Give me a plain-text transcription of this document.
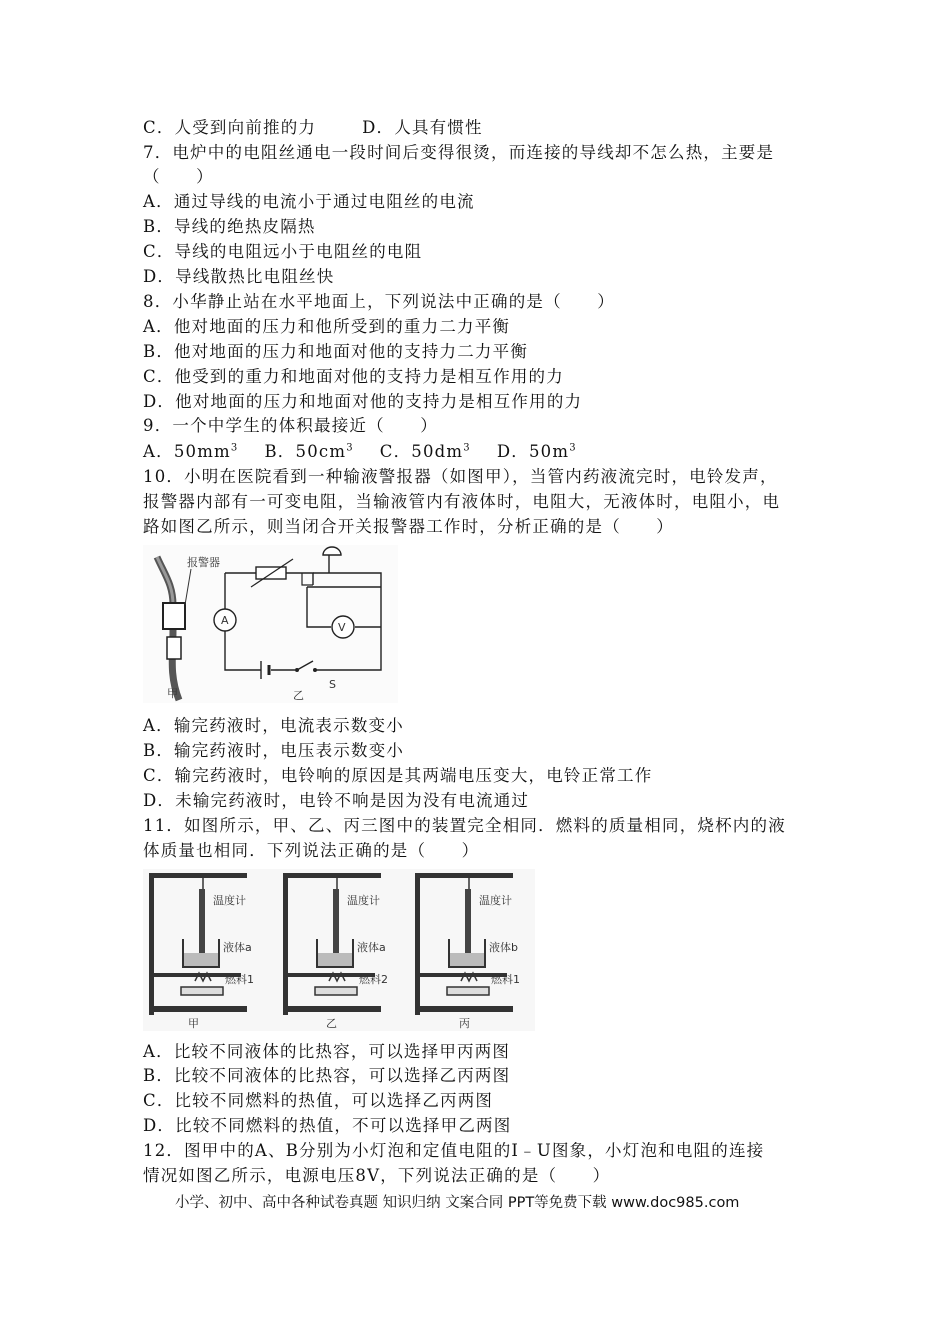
C．人受到向前推的力	D．人具有惯性
7．电炉中的电阻丝通电一段时间后变得很烫，而连接的导线却不怎么热，主要是
（　　）
A．通过导线的电流小于通过电阻丝的电流
B．导线的绝热皮隔热
C．导线的电阻远小于电阻丝的电阻
D．导线散热比电阻丝快
8．小华静止站在水平地面上，下列说法中正确的是（　　）
A．他对地面的压力和他所受到的重力二力平衡
B．他对地面的压力和地面对他的支持力二力平衡
C．他受到的重力和地面对他的支持力是相互作用的力
D．他对地面的压力和地面对他的支持力是相互作用的力
9．一个中学生的体积最接近（　　）
A．$50mm^3$ B．$50cm^3$ C．$50dm^3$ D．$50m^3$
10．小明在医院看到一种输液警报器（如图甲），当管内药液流完时，电铃发声，
报警器内部有一可变电阻，当输液管内有液体时，电阻大，无液体时，电阻小，电
路如图乙所示，则当闭合开关报警器工作时，分析正确的是（　　）
报警器
甲
V
A
S
乙
A．输完药液时，电流表示数变小
B．输完药液时，电压表示数变小
C．输完药液时，电铃响的原因是其两端电压变大，电铃正常工作
D．未输完药液时，电铃不响是因为没有电流通过
11．如图所示，甲、乙、丙三图中的装置完全相同．燃料的质量相同，烧杯内的液
体质量也相同．下列说法正确的是（　　）
温度计
液体a
燃料1
甲
温度计
液体a
燃料2
乙
温度计
液体b
燃料1
丙
A．比较不同液体的比热容，可以选择甲丙两图
B．比较不同液体的比热容，可以选择乙丙两图
C．比较不同燃料的热值，可以选择乙丙两图
D．比较不同燃料的热值，不可以选择甲乙两图
12．图甲中的A、B分别为小灯泡和定值电阻的I﹣U图象，小灯泡和电阻的连接
情况如图乙所示，电源电压8V，下列说法正确的是（　　）
小学、初中、高中各种试卷真题 知识归纳 文案合同 PPT等免费下载 www.doc985.com
